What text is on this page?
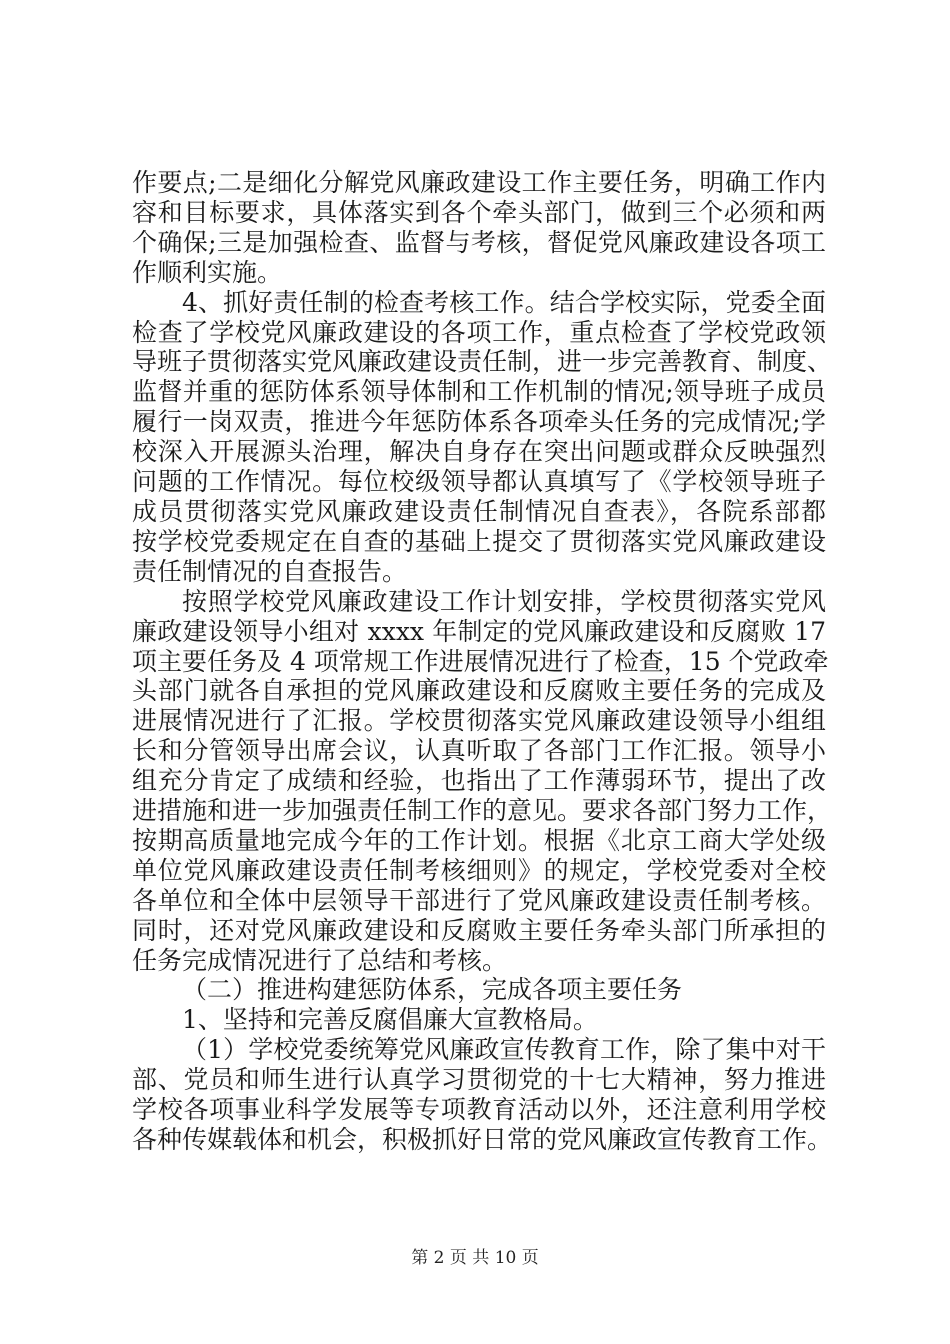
作要点;二是细化分解党风廉政建设工作主要任务，明确工作内
容和目标要求，具体落实到各个牵头部门，做到三个必须和两
个确保;三是加强检查、监督与考核，督促党风廉政建设各项工
作顺利实施。
4、抓好责任制的检查考核工作。结合学校实际，党委全面
检查了学校党风廉政建设的各项工作，重点检查了学校党政领
导班子贯彻落实党风廉政建设责任制，进一步完善教育、制度、
监督并重的惩防体系领导体制和工作机制的情况;领导班子成员
履行一岗双责，推进今年惩防体系各项牵头任务的完成情况;学
校深入开展源头治理，解决自身存在突出问题或群众反映强烈
问题的工作情况。每位校级领导都认真填写了《学校领导班子
成员贯彻落实党风廉政建设责任制情况自查表》，各院系部都
按学校党委规定在自查的基础上提交了贯彻落实党风廉政建设
责任制情况的自查报告。
按照学校党风廉政建设工作计划安排，学校贯彻落实党风
廉政建设领导小组对 xxxx 年制定的党风廉政建设和反腐败 17
项主要任务及 4 项常规工作进展情况进行了检查，15 个党政牵
头部门就各自承担的党风廉政建设和反腐败主要任务的完成及
进展情况进行了汇报。学校贯彻落实党风廉政建设领导小组组
长和分管领导出席会议，认真听取了各部门工作汇报。领导小
组充分肯定了成绩和经验，也指出了工作薄弱环节，提出了改
进措施和进一步加强责任制工作的意见。要求各部门努力工作，
按期高质量地完成今年的工作计划。根据《北京工商大学处级
单位党风廉政建设责任制考核细则》的规定，学校党委对全校
各单位和全体中层领导干部进行了党风廉政建设责任制考核。
同时，还对党风廉政建设和反腐败主要任务牵头部门所承担的
任务完成情况进行了总结和考核。
（二）推进构建惩防体系，完成各项主要任务
1、坚持和完善反腐倡廉大宣教格局。
（1）学校党委统筹党风廉政宣传教育工作，除了集中对干
部、党员和师生进行认真学习贯彻党的十七大精神，努力推进
学校各项事业科学发展等专项教育活动以外，还注意利用学校
各种传媒载体和机会，积极抓好日常的党风廉政宣传教育工作。
第 2 页 共 10 页
